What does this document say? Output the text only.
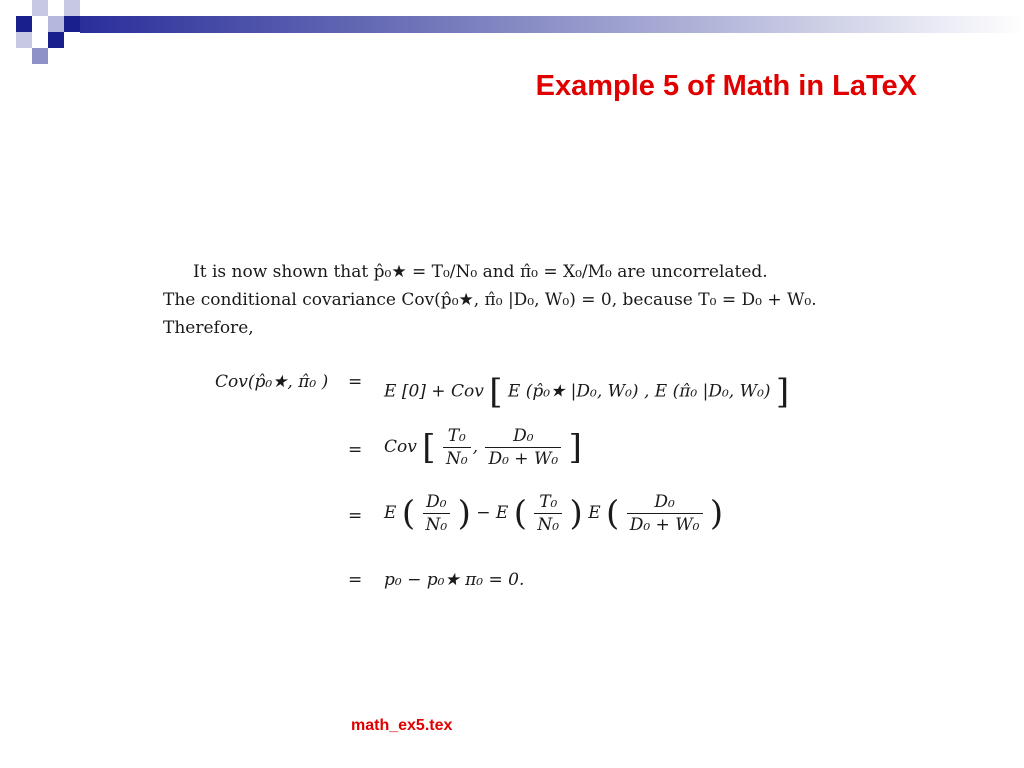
Example 5 of Math in LaTeX

It is now shown that p̂₀★ = T₀/N₀ and π̂₀ = X₀/M₀ are uncorrelated.

The conditional covariance Cov(p̂₀★, π̂₀ |D₀, W₀) = 0, because T₀ = D₀ + W₀.

Therefore,

Cov(p̂₀★, π̂₀ ) = E [0] + Cov [ E (p̂₀★ |D₀, W₀) , E (π̂₀ |D₀, W₀) ]
= Cov [ $\frac{\text{T₀}}{\text{N₀}}$ , $\frac{\text{D₀}}{\text{D₀ + W₀}}$ ]
= E ( $\frac{\text{D₀}}{\text{N₀}}$ ) − E ( $\frac{\text{T₀}}{\text{N₀}}$ ) E ( $\frac{\text{D₀}}{\text{D₀ + W₀}}$ )
= p₀ − p₀★ π₀ = 0.
math_ex5.tex
